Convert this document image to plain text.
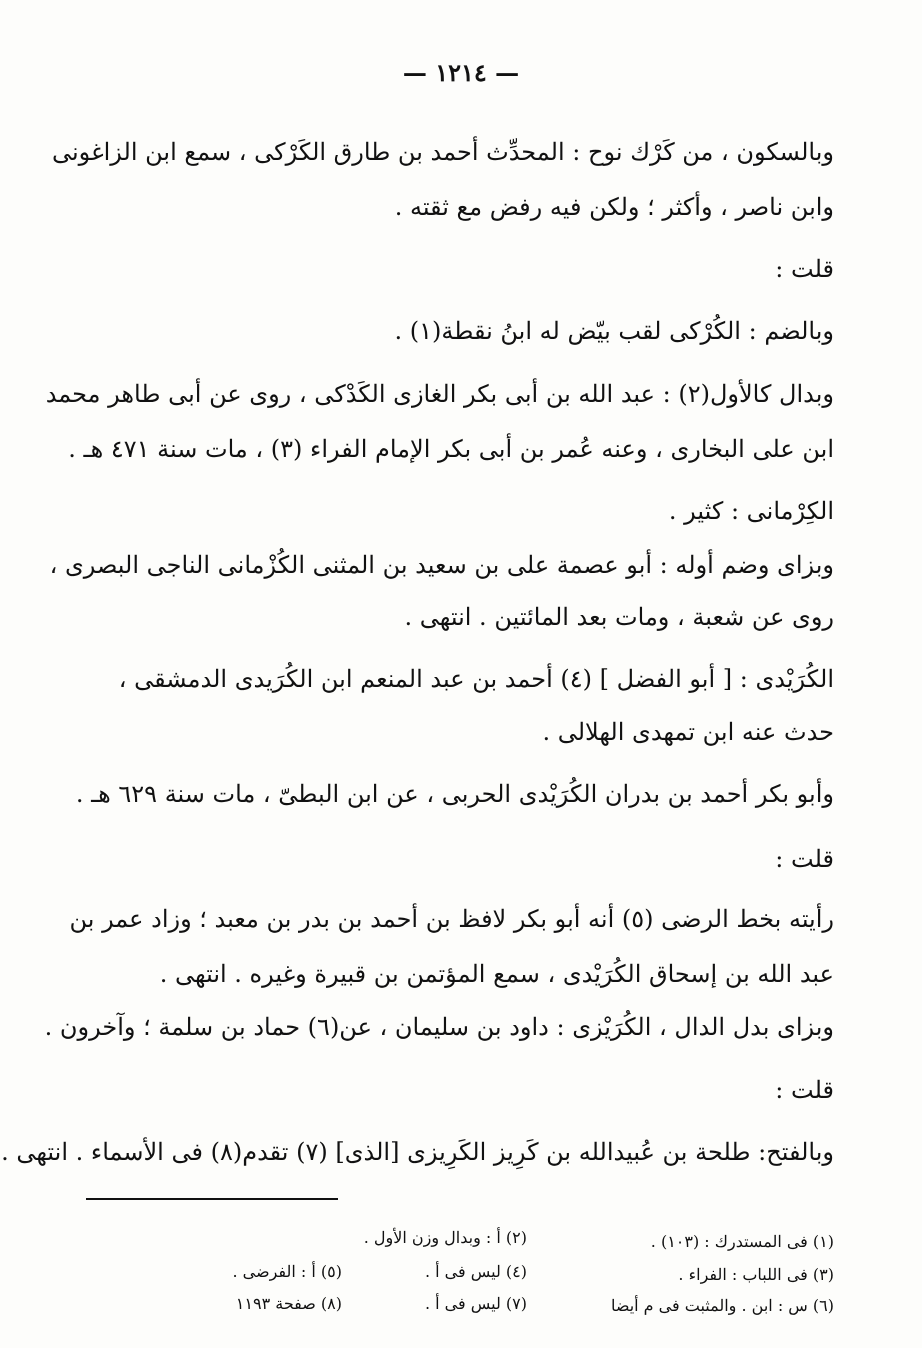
— ١٢١٤ —
وبالسكون ، من كَرْك نوح : المحدِّث أحمد بن طارق الكَرْكى ، سمع ابن الزاغونى
وابن ناصر ، وأكثر ؛ ولكن فيه رفض مع ثقته .
قلت :
وبالضم : الكُرْكى لقب بيّض له ابنُ نقطة(١) .
وبدال كالأول(٢) : عبد الله بن أبى بكر الغازى الكَدْكى ، روى عن أبى طاهر محمد
ابن على البخارى ، وعنه عُمر بن أبى بكر الإمام الفراء (٣) ، مات سنة ٤٧١ هـ .
الكِرْمانى : كثير .
وبزاى وضم أوله : أبو عصمة على بن سعيد بن المثنى الكُزْمانى الناجى البصرى ،
روى عن شعبة ، ومات بعد المائتين . انتهى .
الكُرَيْدى : [ أبو الفضل ] (٤) أحمد بن عبد المنعم ابن الكُرَيدى الدمشقى ،
حدث عنه ابن تمهدى الهلالى .
وأبو بكر أحمد بن بدران الكُرَيْدى الحربى ، عن ابن البطىّ ، مات سنة ٦٢٩ هـ .
قلت :
رأيته بخط الرضى (٥) أنه أبو بكر لافظ بن أحمد بن بدر بن معبد ؛ وزاد عمر بن
عبد الله بن إسحاق الكُرَيْدى ، سمع المؤتمن بن قبيرة وغيره . انتهى .
وبزاى بدل الدال ، الكُرَيْزى : داود بن سليمان ، عن(٦) حماد بن سلمة ؛ وآخرون .
قلت :
وبالفتح: طلحة بن عُبيدالله بن كَرِيز الكَرِيزى [الذى] (٧) تقدم(٨) فى الأسماء . انتهى .
(١) فى المستدرك : (١٠٣) .
(٢) أ : وبدال وزن الأول .
(٣) فى اللباب : الفراء .
(٤) ليس فى أ .
(٥) أ : الفرضى .
(٦) س : ابن . والمثبت فى م أيضا
(٧) ليس فى أ .
(٨) صفحة ١١٩٣
